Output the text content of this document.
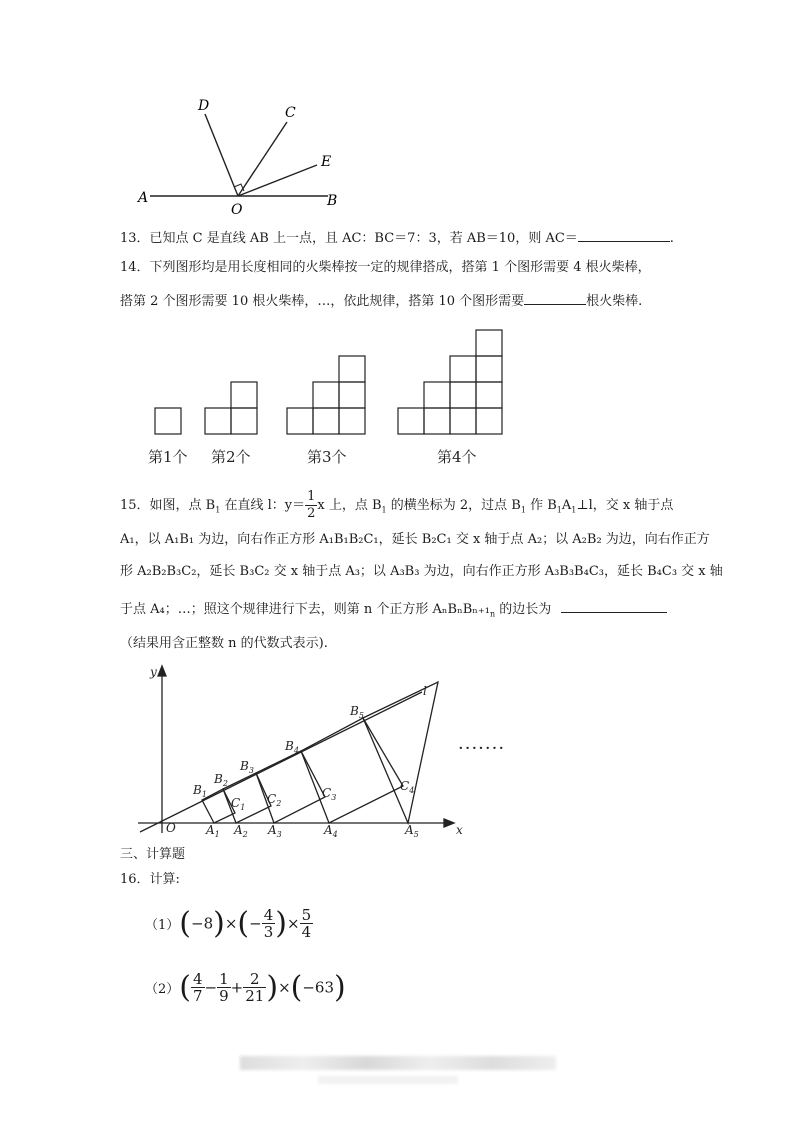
D	C
E
A
O
B
13．已知点 C 是直线 AB 上一点，且 AC：BC＝7：3，若 AB＝10，则 AC＝	.
14．下列图形均是用长度相同的火柴棒按一定的规律搭成，搭第 1 个图形需要 4 根火柴棒，
搭第 2 个图形需要 10 根火柴棒，…，依此规律，搭第 10 个图形需要	根火柴棒.
第1个 第2个	第3个	第4个
15．如图，点 $B_1$ 在直线 l：$y= \frac{1}{2}$ x 上，点 $B_1$ 的横坐标为 2，过点 $B_1$ 作 $B_1A_1\perp l$，交 x 轴于点
A₁，以 A₁B₁ 为边，向右作正方形 A₁B₁B₂C₁，延长 B₂C₁ 交 x 轴于点 A₂；以 A₂B₂ 为边，向右作正方
形 A₂B₂B₃C₂，延长 B₃C₂ 交 x 轴于点 A₃；以 A₃B₃ 为边，向右作正方形 A₃B₃B₄C₃，延长 B₄C₃ 交 x 轴
于点 A₄；…；照这个规律进行下去，则第 n 个正方形 $A_nB_nB_{n+1}_n$ 的边长为
（结果用含正整数 n 的代数式表示).
y
x
O
l
$B_1$
$B_2$
$B_3$
$B_4$
$B_5$
$C_1$
$C_2$
$C_3$
$C_4$
$A_1$ $A_2$ $A_3$	$A_4$	$A_5$
·······
三、计算题
16．计算:
$(1)(-8)\times(- \frac{4}{3}$ )× $\frac{5}{4}$
$(2)( \frac{4}{7} - \frac{1}{9} + \frac{2}{21} )\times(-63)$
